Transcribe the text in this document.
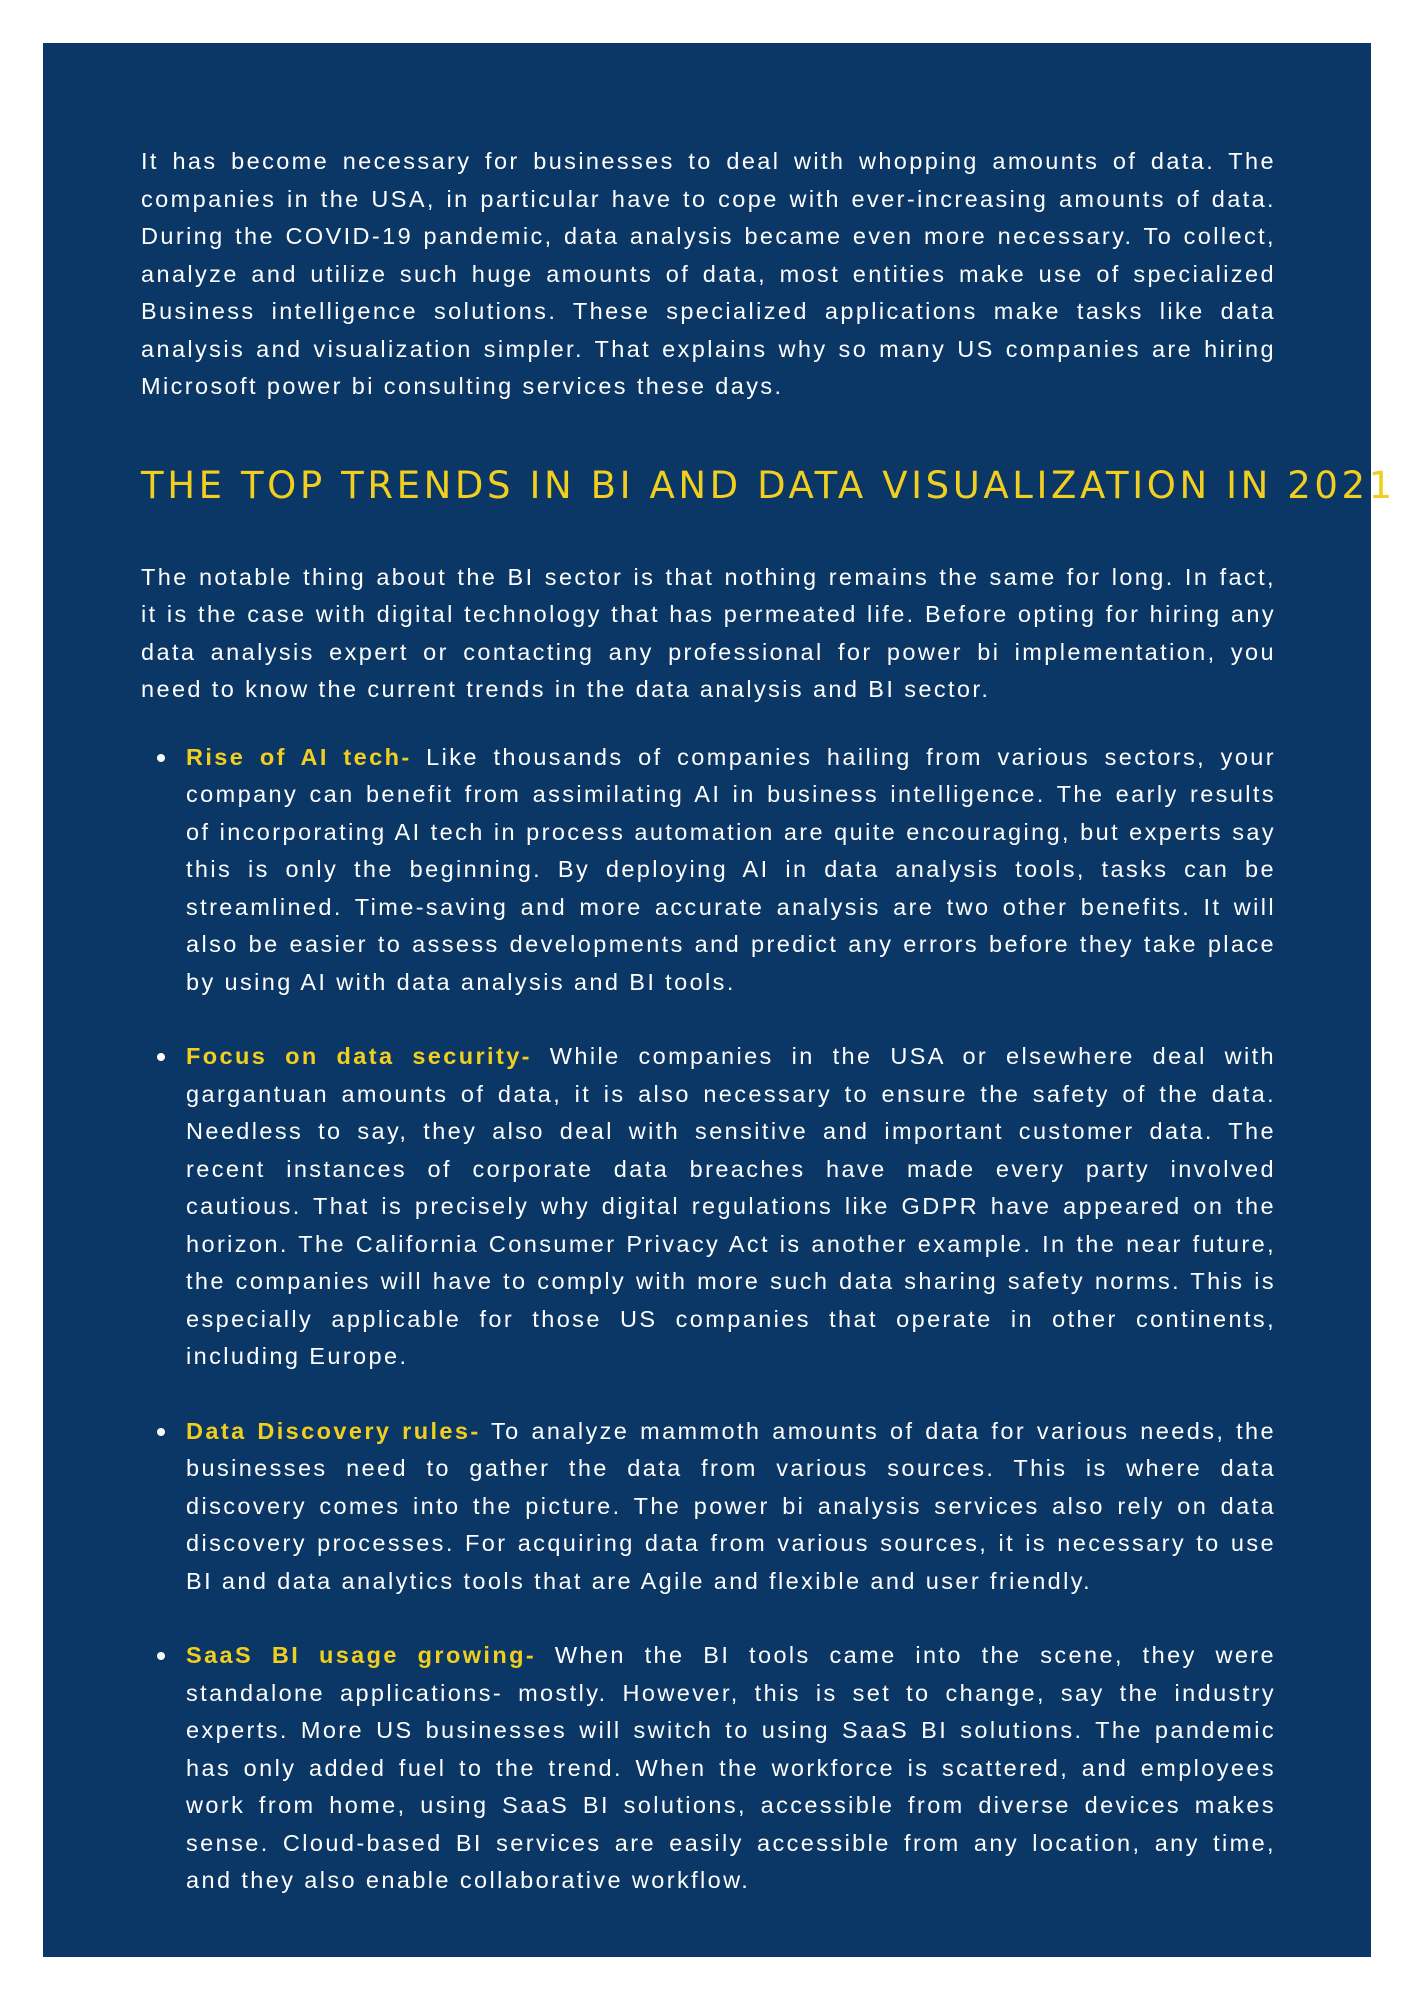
It has become necessary for businesses to deal with whopping amounts of data. The companies in the USA, in particular have to cope with ever-increasing amounts of data. During the COVID-19 pandemic, data analysis became even more necessary. To collect, analyze and utilize such huge amounts of data, most entities make use of specialized Business intelligence solutions. These specialized applications make tasks like data analysis and visualization simpler. That explains why so many US companies are hiring Microsoft power bi consulting services these days.

THE TOP TRENDS IN BI AND DATA VISUALIZATION IN 2021

The notable thing about the BI sector is that nothing remains the same for long. In fact, it is the case with digital technology that has permeated life. Before opting for hiring any data analysis expert or contacting any professional for power bi implementation, you need to know the current trends in the data analysis and BI sector.

Rise of AI tech- Like thousands of companies hailing from various sectors, your company can benefit from assimilating AI in business intelligence. The early results of incorporating AI tech in process automation are quite encouraging, but experts say this is only the beginning. By deploying AI in data analysis tools, tasks can be streamlined. Time-saving and more accurate analysis are two other benefits. It will also be easier to assess developments and predict any errors before they take place by using AI with data analysis and BI tools.
Focus on data security- While companies in the USA or elsewhere deal with gargantuan amounts of data, it is also necessary to ensure the safety of the data. Needless to say, they also deal with sensitive and important customer data. The recent instances of corporate data breaches have made every party involved cautious. That is precisely why digital regulations like GDPR have appeared on the horizon. The California Consumer Privacy Act is another example. In the near future, the companies will have to comply with more such data sharing safety norms. This is especially applicable for those US companies that operate in other continents, including Europe.
Data Discovery rules- To analyze mammoth amounts of data for various needs, the businesses need to gather the data from various sources. This is where data discovery comes into the picture. The power bi analysis services also rely on data discovery processes. For acquiring data from various sources, it is necessary to use BI and data analytics tools that are Agile and flexible and user friendly.
SaaS BI usage growing- When the BI tools came into the scene, they were standalone applications- mostly. However, this is set to change, say the industry experts. More US businesses will switch to using SaaS BI solutions. The pandemic has only added fuel to the trend. When the workforce is scattered, and employees work from home, using SaaS BI solutions, accessible from diverse devices makes sense. Cloud-based BI services are easily accessible from any location, any time, and they also enable collaborative workflow.
